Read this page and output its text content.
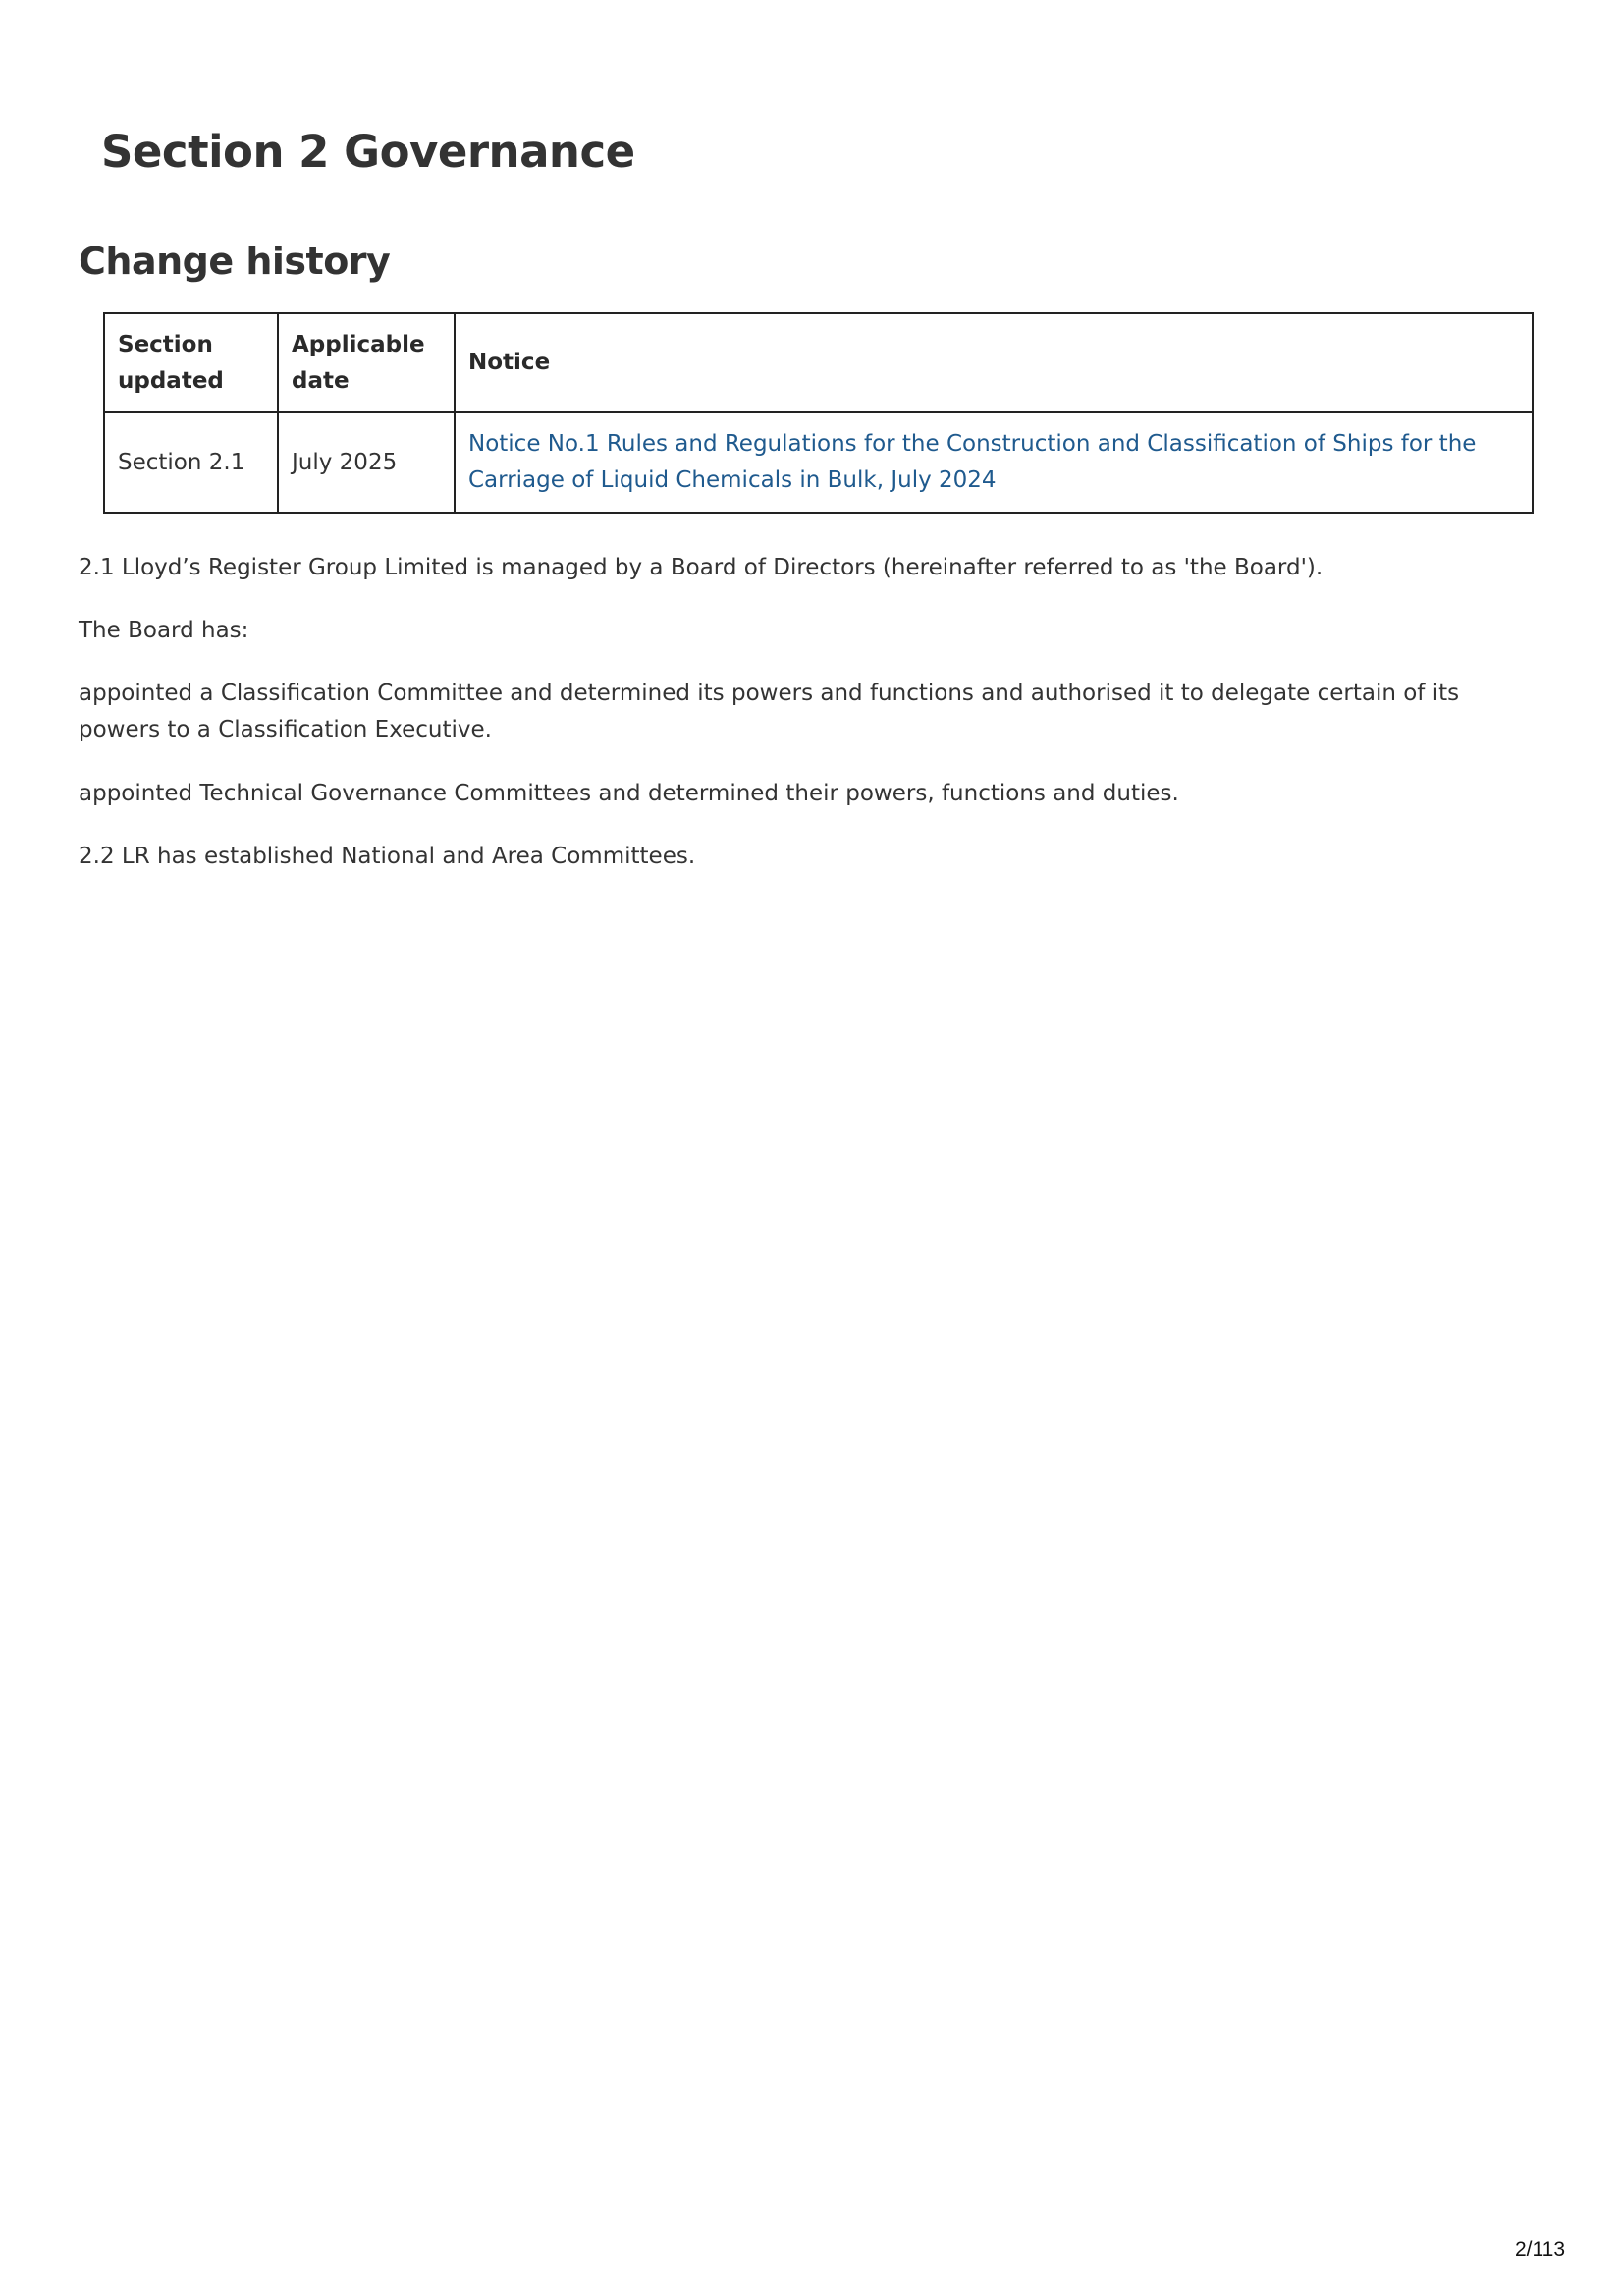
Section 2 Governance
Change history
Section updated	Applicable date	Notice
Section 2.1	July 2025	Notice No.1 Rules and Regulations for the Construction and Classification of Ships for the Carriage of Liquid Chemicals in Bulk, July 2024

2.1 Lloyd’s Register Group Limited is managed by a Board of Directors (hereinafter referred to as 'the Board').

The Board has:

appointed a Classification Committee and determined its powers and functions and authorised it to delegate certain of its powers to a Classification Executive.

appointed Technical Governance Committees and determined their powers, functions and duties.

2.2 LR has established National and Area Committees.

2/113
